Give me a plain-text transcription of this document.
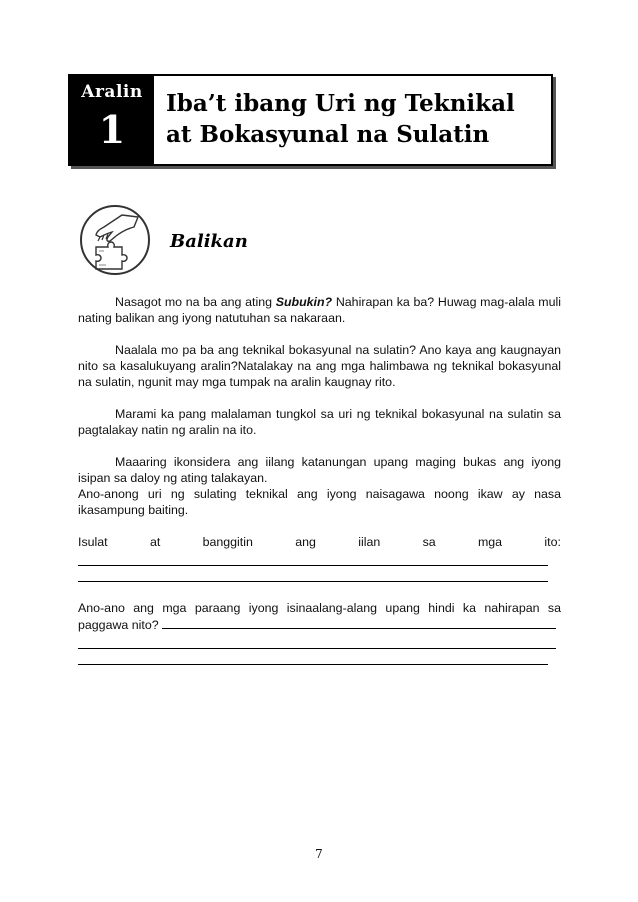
Aralin
1
Iba’t ibang Uri ng Teknikal
at Bokasyunal na Sulatin
Balikan

Nasagot mo na ba ang ating Subukin? Nahirapan ka ba? Huwag mag-alala muli nating balikan ang iyong natutuhan sa nakaraan.

Naalala mo pa ba ang teknikal bokasyunal na sulatin? Ano kaya ang kaugnayan nito sa kasalukuyang aralin?Natalakay na ang mga halimbawa ng teknikal bokasyunal na sulatin, ngunit may mga tumpak na aralin kaugnay rito.

Marami ka pang malalaman tungkol sa uri ng teknikal bokasyunal na sulatin sa pagtalakay natin ng aralin na ito.

Maaaring ikonsidera ang iilang katanungan upang maging bukas ang iyong isipan sa daloy ng ating talakayan.

Ano-anong uri ng sulating teknikal ang iyong naisagawa noong ikaw ay nasa ikasampung baiting.

Isulat	at	banggitin	ang	iilan	sa	mga	ito:

Ano-ano ang mga paraang iyong isinaalang-alang upang hindi ka nahirapan sa paggawa nito?

7
